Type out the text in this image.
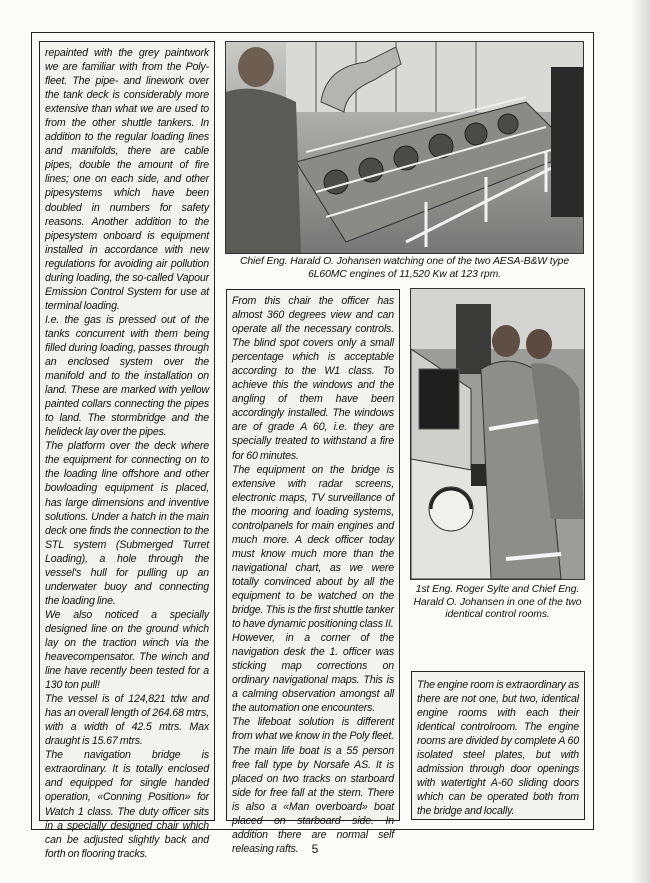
repainted with the grey paintwork we are familiar with from the Poly-fleet. The pipe- and linework over the tank deck is considerably more extensive than what we are used to from the other shuttle tankers. In addition to the regular loading lines and manifolds, there are cable pipes, double the amount of fire lines; one on each side, and other pipesystems which have been doubled in numbers for safety reasons. Another addition to the pipesystem onboard is equipment installed in accordance with new regulations for avoiding air pollution during loading, the so-called Vapour Emission Control System for use at terminal loading.

I.e. the gas is pressed out of the tanks concurrent with them being filled during loading, passes through an enclosed system over the manifold and to the installation on land. These are marked with yellow painted collars connecting the pipes to land. The stormbridge and the helideck lay over the pipes.

The platform over the deck where the equipment for connecting on to the loading line offshore and other bowloading equipment is placed, has large dimensions and inventive solutions. Under a hatch in the main deck one finds the connection to the STL system (Submerged Turret Loading), a hole through the vessel's hull for pulling up an underwater buoy and connecting the loading line.

We also noticed a specially designed line on the ground which lay on the traction winch via the heavecompensator. The winch and line have recently been tested for a 130 ton pull!

The vessel is of 124,821 tdw and has an overall length of 264.68 mtrs, with a width of 42.5 mtrs. Max draught is 15.67 mtrs.

The navigation bridge is extraordinary. It is totally enclosed and equipped for single handed operation, «Conning Position» for Watch 1 class. The duty officer sits in a specially designed chair which can be adjusted slightly back and forth on flooring tracks.

Chief Eng. Harald O. Johansen watching one of the two AESA-B&W type 6L60MC engines of 11,520 Kw at 123 rpm.

From this chair the officer has almost 360 degrees view and can operate all the necessary controls. The blind spot covers only a small percentage which is acceptable according to the W1 class. To achieve this the windows and the angling of them have been accordingly installed. The windows are of grade A 60, i.e. they are specially treated to withstand a fire for 60 minutes.

The equipment on the bridge is extensive with radar screens, electronic maps, TV surveillance of the mooring and loading systems, controlpanels for main engines and much more. A deck officer today must know much more than the navigational chart, as we were totally convinced about by all the equipment to be watched on the bridge. This is the first shuttle tanker to have dynamic positioning class II.

However, in a corner of the navigation desk the 1. officer was sticking map corrections on ordinary navigational maps. This is a calming observation amongst all the automation one encounters.

The lifeboat solution is different from what we know in the Poly fleet. The main life boat is a 55 person free fall type by Norsafe AS. It is placed on two tracks on starboard side for free fall at the stern. There is also a «Man overboard» boat placed on starboard side. In addition there are normal self releasing rafts.

1st Eng. Roger Sylte and Chief Eng. Harald O. Johansen in one of the two identical control rooms.

The engine room is extraordinary as there are not one, but two, identical engine rooms with each their identical controlroom. The engine rooms are divided by complete A 60 isolated steel plates, but with admission through door openings with watertight A-60 sliding doors which can be operated both from the bridge and locally.

5
